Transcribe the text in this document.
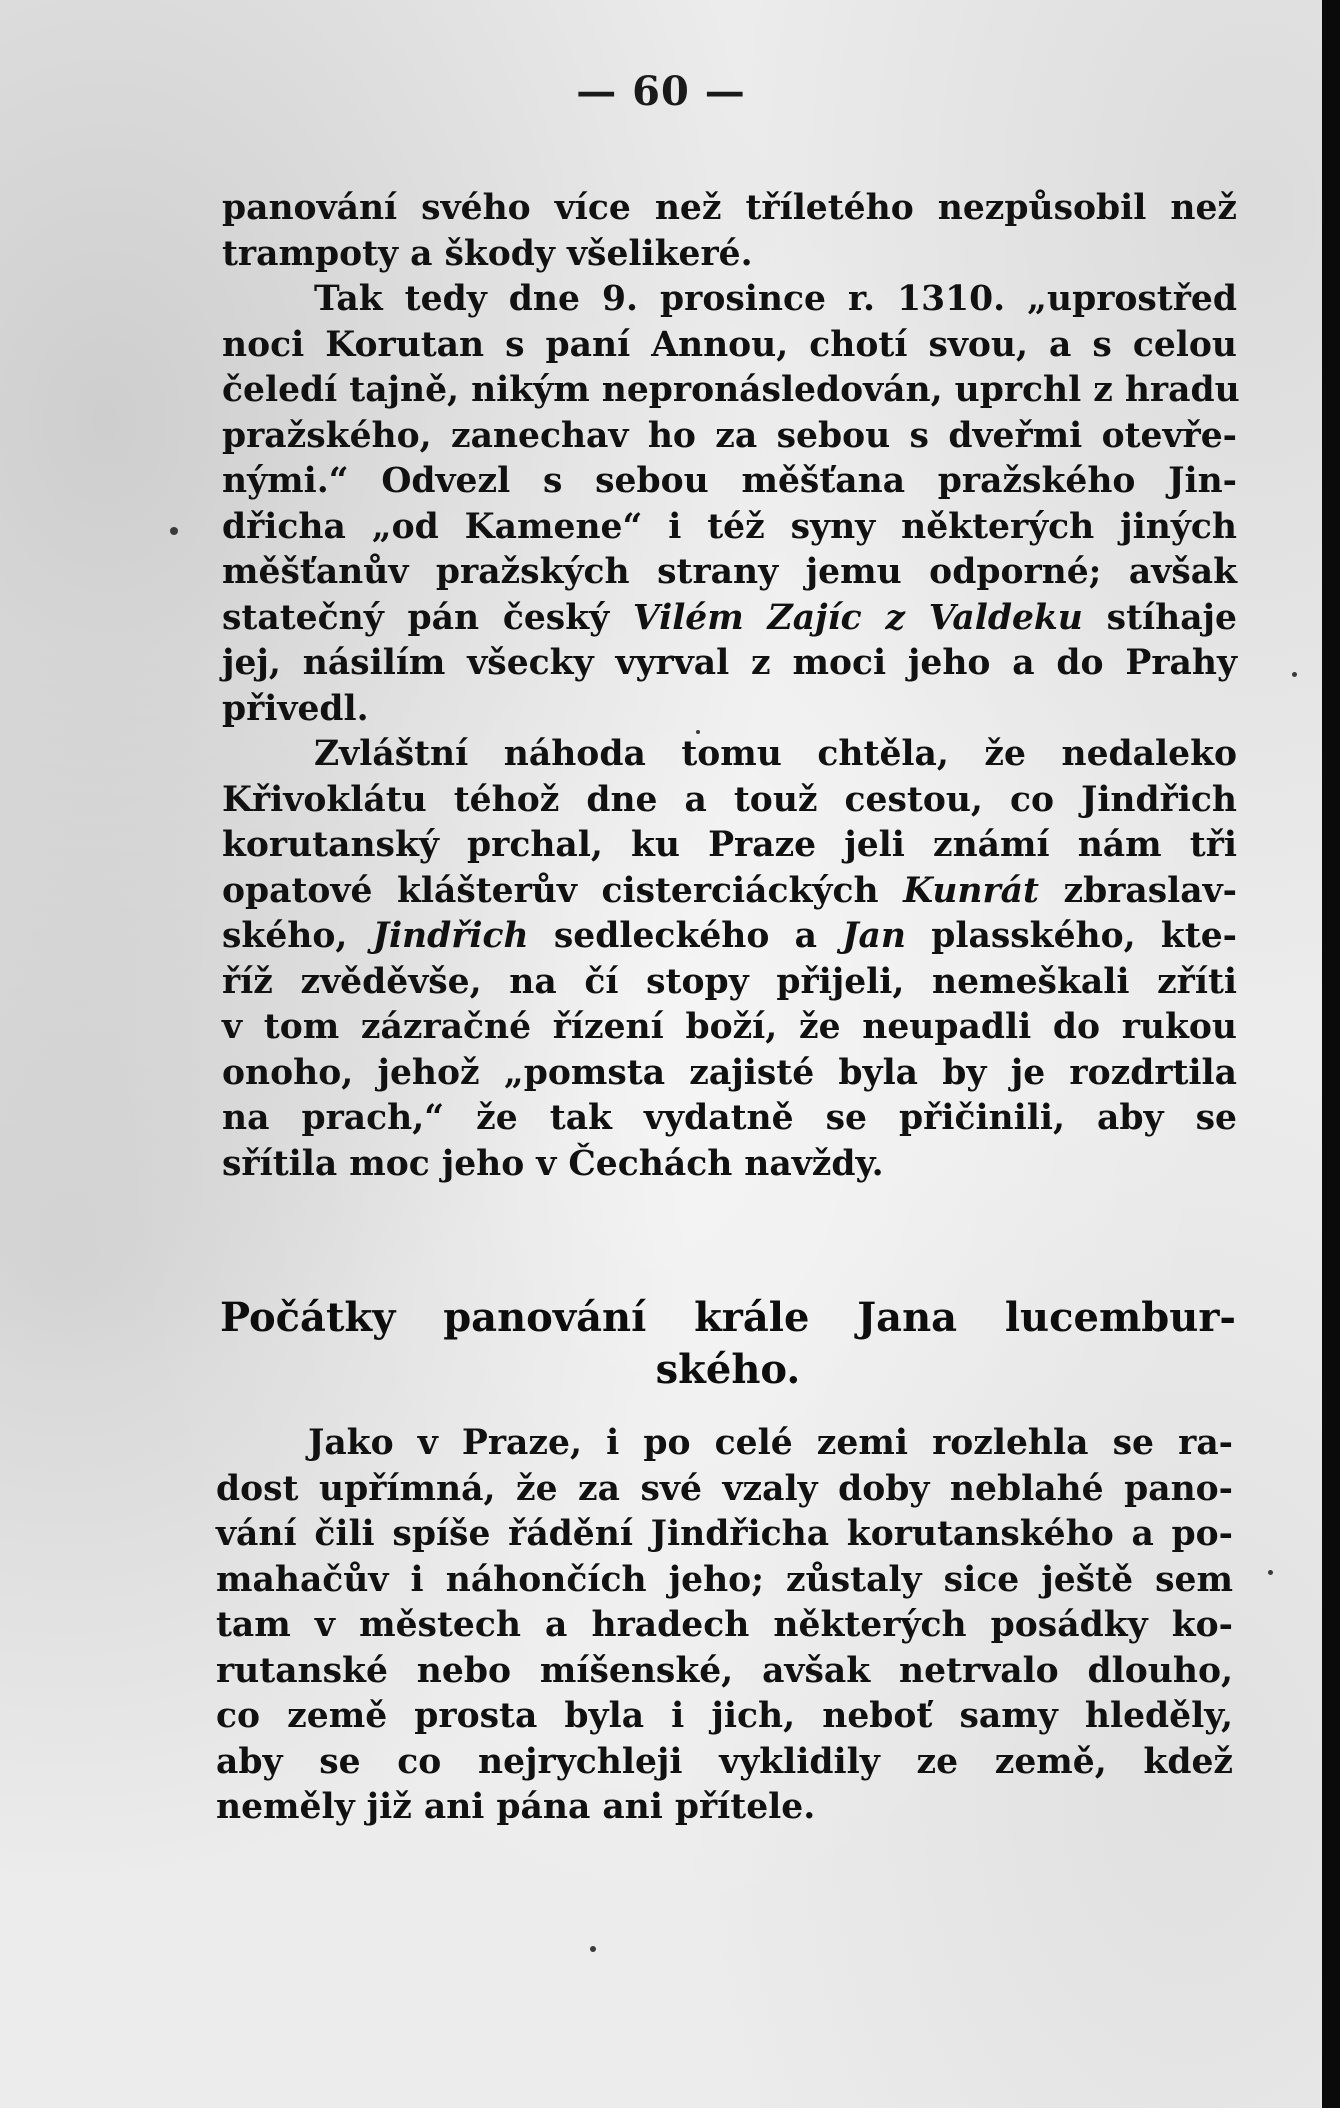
— 60 —
panování svého více než tříletého nezpůsobil než
trampoty a škody všelikeré.
Tak tedy dne 9. prosince r. 1310. „uprostřed
noci Korutan s paní Annou, chotí svou, a s celou
čeledí tajně, nikým nepronásledován, uprchl z hradu
pražského, zanechav ho za sebou s dveřmi otevře-
nými.“ Odvezl s sebou měšťana pražského Jin-
dřicha „od Kamene“ i též syny některých jiných
měšťanův pražských strany jemu odporné; avšak
statečný pán český Vilém Zajíc z Valdeku stíhaje
jej, násilím všecky vyrval z moci jeho a do Prahy
přivedl.
Zvláštní náhoda tomu chtěla, že nedaleko
Křivoklátu téhož dne a touž cestou, co Jindřich
korutanský prchal, ku Praze jeli známí nám tři
opatové klášterův cisterciáckých Kunrát zbraslav-
ského, Jindřich sedleckého a Jan plasského, kte-
říž zvěděvše, na čí stopy přijeli, nemeškali zříti
v tom zázračné řízení boží, že neupadli do rukou
onoho, jehož „pomsta zajisté byla by je rozdrtila
na prach,“ že tak vydatně se přičinili, aby se
sřítila moc jeho v Čechách navždy.
Počátky panování krále Jana lucembur-
ského.
Jako v Praze, i po celé zemi rozlehla se ra-
dost upřímná, že za své vzaly doby neblahé pano-
vání čili spíše řádění Jindřicha korutanského a po-
mahačův i náhončích jeho; zůstaly sice ještě sem
tam v městech a hradech některých posádky ko-
rutanské nebo míšenské, avšak netrvalo dlouho,
co země prosta byla i jich, neboť samy hleděly,
aby se co nejrychleji vyklidily ze země, kdež
neměly již ani pána ani přítele.
